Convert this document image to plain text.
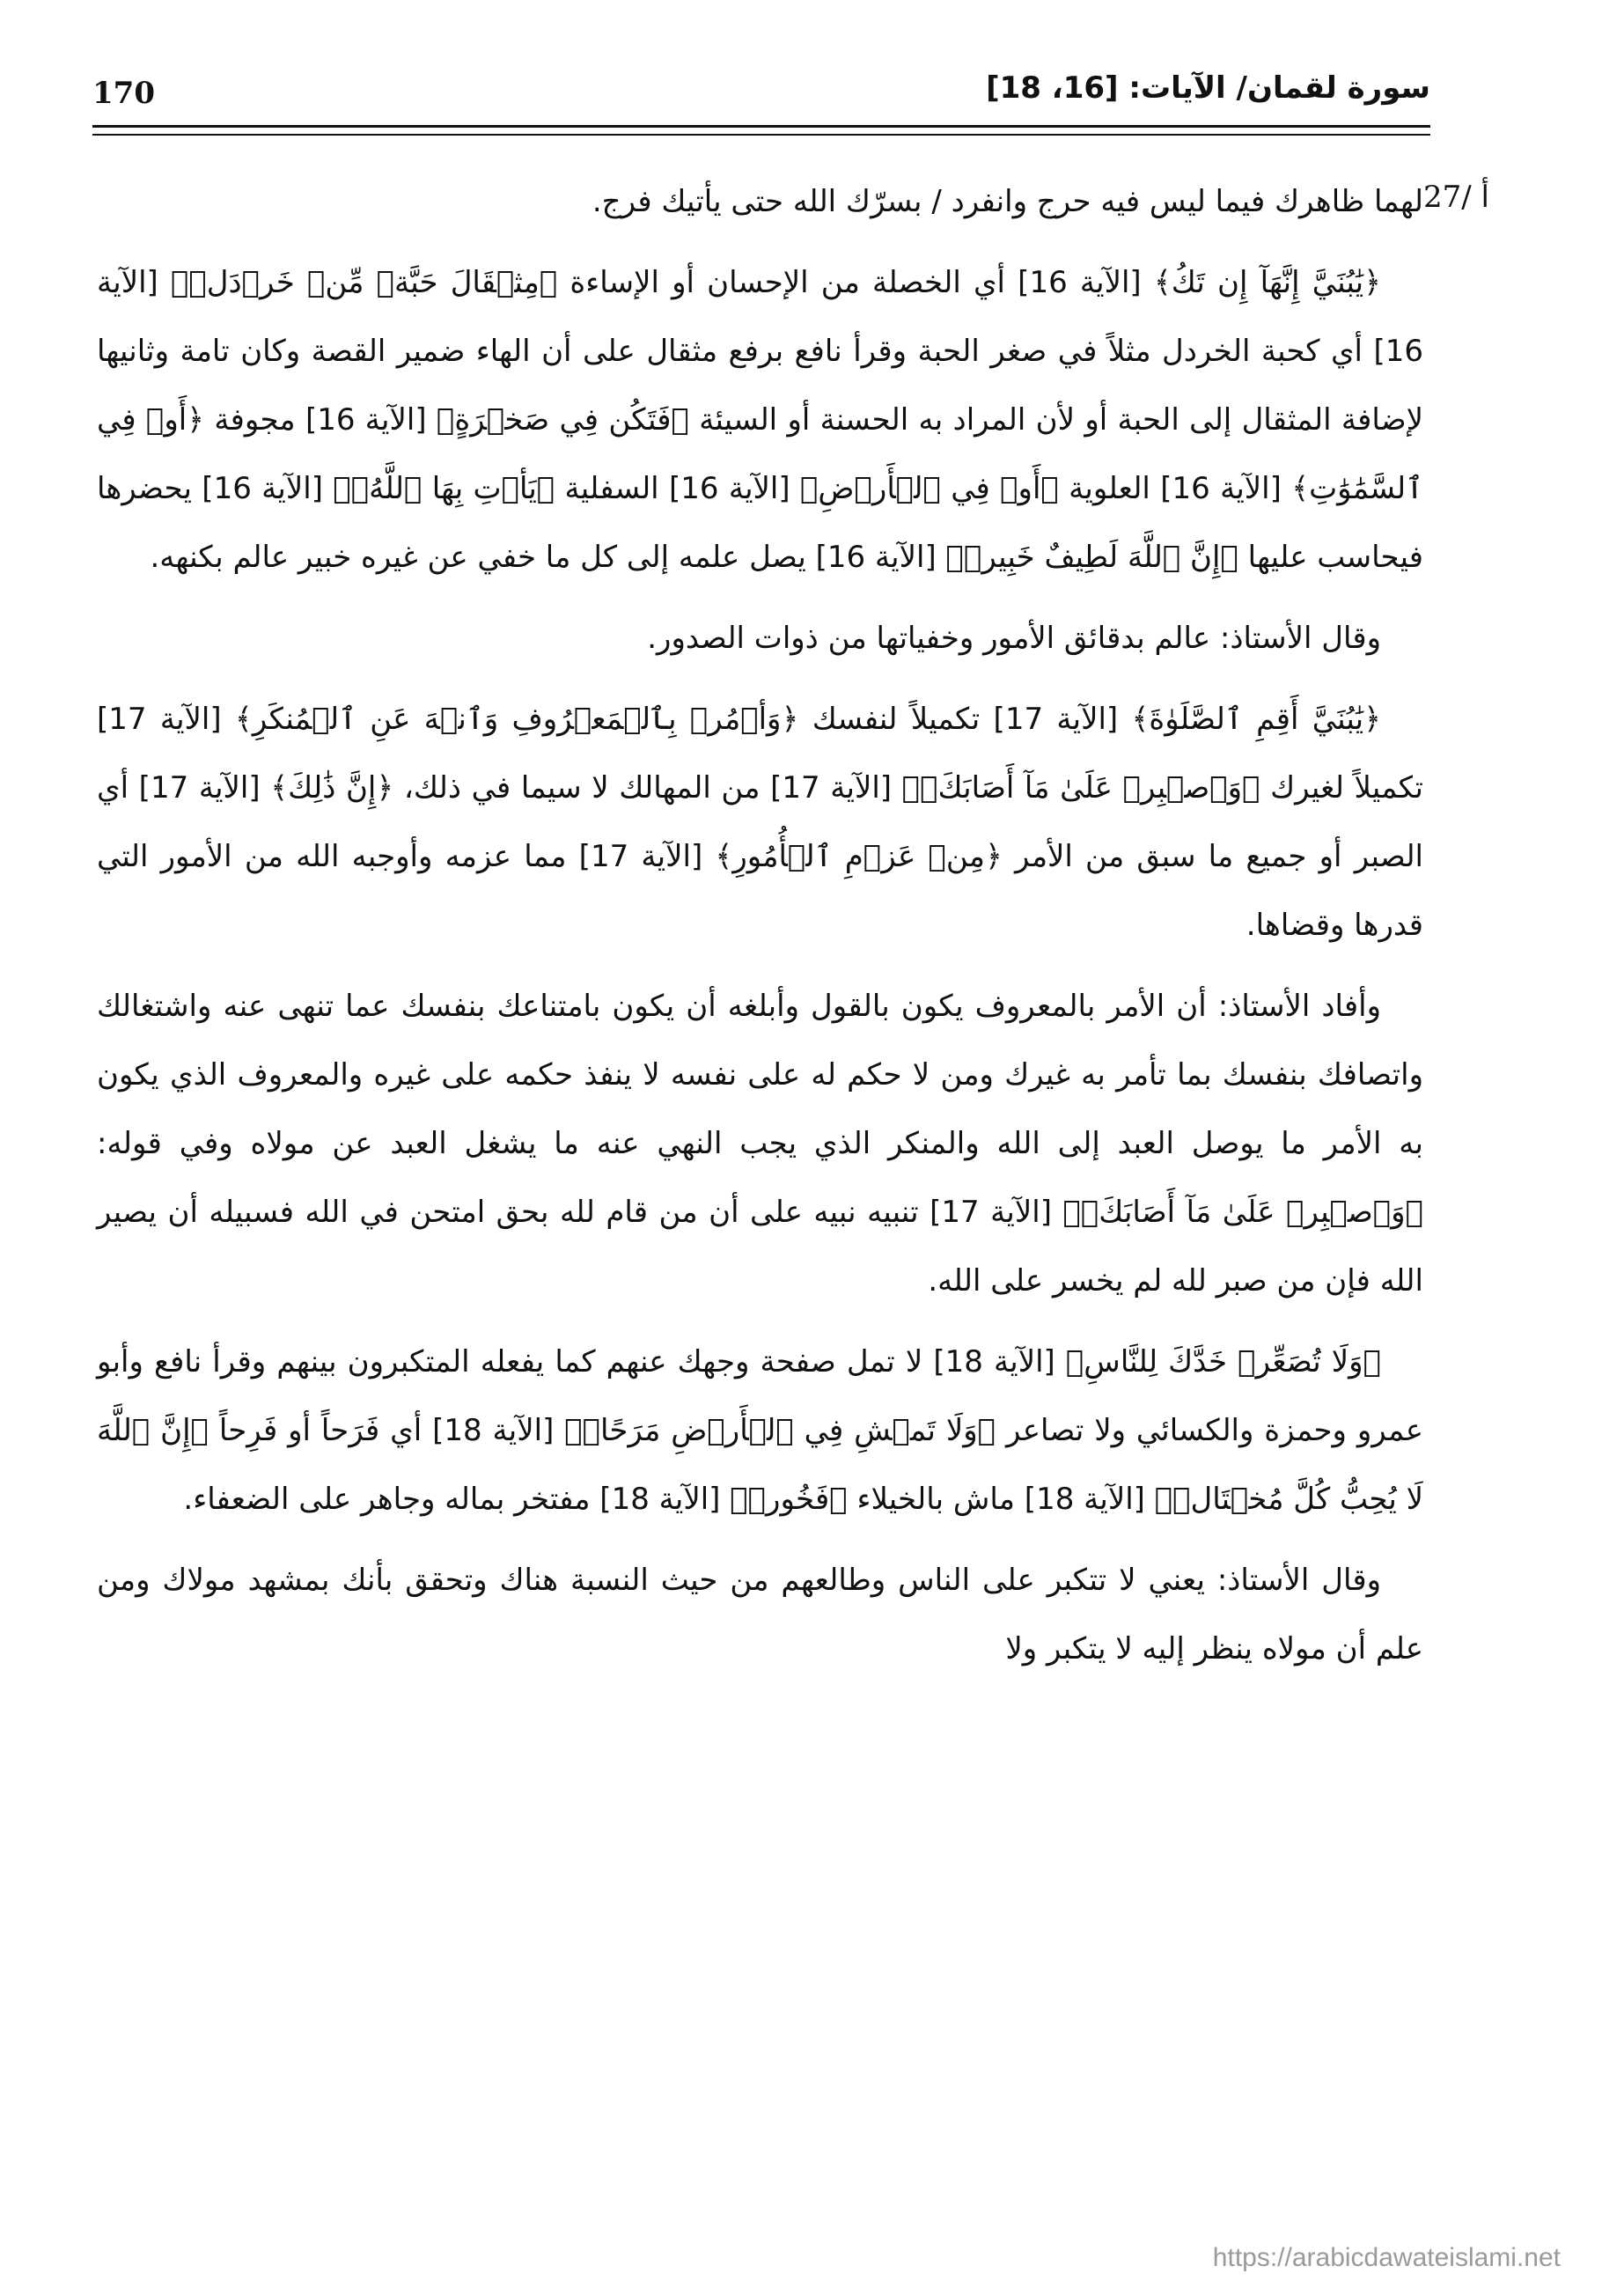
170	سورة لقمان/ الآيات: [16، 18]
27/ أ

لهما ظاهرك فيما ليس فيه حرج وانفرد / بسرّك الله حتى يأتيك فرج.

﴿يَٰبُنَيَّ إِنَّهَآ إِن تَكُ﴾ [الآية 16] أي الخصلة من الإحسان أو الإساءة ﴿مِثۡقَالَ حَبَّةٖ مِّنۡ خَرۡدَلٖ﴾ [الآية 16] أي كحبة الخردل مثلاً في صغر الحبة وقرأ نافع برفع مثقال على أن الهاء ضمير القصة وكان تامة وثانيها لإضافة المثقال إلى الحبة أو لأن المراد به الحسنة أو السيئة ﴿فَتَكُن فِي صَخۡرَةٍ﴾ [الآية 16] مجوفة ﴿أَوۡ فِي ٱلسَّمَٰوَٰتِ﴾ [الآية 16] العلوية ﴿أَوۡ فِي ٱلۡأَرۡضِ﴾ [الآية 16] السفلية ﴿يَأۡتِ بِهَا ٱللَّهُۚ﴾ [الآية 16] يحضرها فيحاسب عليها ﴿إِنَّ ٱللَّهَ لَطِيفٌ خَبِيرٞ﴾ [الآية 16] يصل علمه إلى كل ما خفي عن غيره خبير عالم بكنهه.

وقال الأستاذ: عالم بدقائق الأمور وخفياتها من ذوات الصدور.

﴿يَٰبُنَيَّ أَقِمِ ٱلصَّلَوٰةَ﴾ [الآية 17] تكميلاً لنفسك ﴿وَأۡمُرۡ بِٱلۡمَعۡرُوفِ وَٱنۡهَ عَنِ ٱلۡمُنكَرِ﴾ [الآية 17] تكميلاً لغيرك ﴿وَٱصۡبِرۡ عَلَىٰ مَآ أَصَابَكَۖ﴾ [الآية 17] من المهالك لا سيما في ذلك، ﴿إِنَّ ذَٰلِكَ﴾ [الآية 17] أي الصبر أو جميع ما سبق من الأمر ﴿مِنۡ عَزۡمِ ٱلۡأُمُورِ﴾ [الآية 17] مما عزمه وأوجبه الله من الأمور التي قدرها وقضاها.

وأفاد الأستاذ: أن الأمر بالمعروف يكون بالقول وأبلغه أن يكون بامتناعك بنفسك عما تنهى عنه واشتغالك واتصافك بنفسك بما تأمر به غيرك ومن لا حكم له على نفسه لا ينفذ حكمه على غيره والمعروف الذي يكون به الأمر ما يوصل العبد إلى الله والمنكر الذي يجب النهي عنه ما يشغل العبد عن مولاه وفي قوله: ﴿وَٱصۡبِرۡ عَلَىٰ مَآ أَصَابَكَۖ﴾ [الآية 17] تنبيه نبيه على أن من قام لله بحق امتحن في الله فسبيله أن يصير الله فإن من صبر لله لم يخسر على الله.

﴿وَلَا تُصَعِّرۡ خَدَّكَ لِلنَّاسِ﴾ [الآية 18] لا تمل صفحة وجهك عنهم كما يفعله المتكبرون بينهم وقرأ نافع وأبو عمرو وحمزة والكسائي ولا تصاعر ﴿وَلَا تَمۡشِ فِي ٱلۡأَرۡضِ مَرَحًاۖ﴾ [الآية 18] أي فَرَحاً أو فَرِحاً ﴿إِنَّ ٱللَّهَ لَا يُحِبُّ كُلَّ مُخۡتَالٖ﴾ [الآية 18] ماش بالخيلاء ﴿فَخُورٖ﴾ [الآية 18] مفتخر بماله وجاهر على الضعفاء.

وقال الأستاذ: يعني لا تتكبر على الناس وطالعهم من حيث النسبة هناك وتحقق بأنك بمشهد مولاك ومن علم أن مولاه ينظر إليه لا يتكبر ولا

https://arabicdawateislami.net
